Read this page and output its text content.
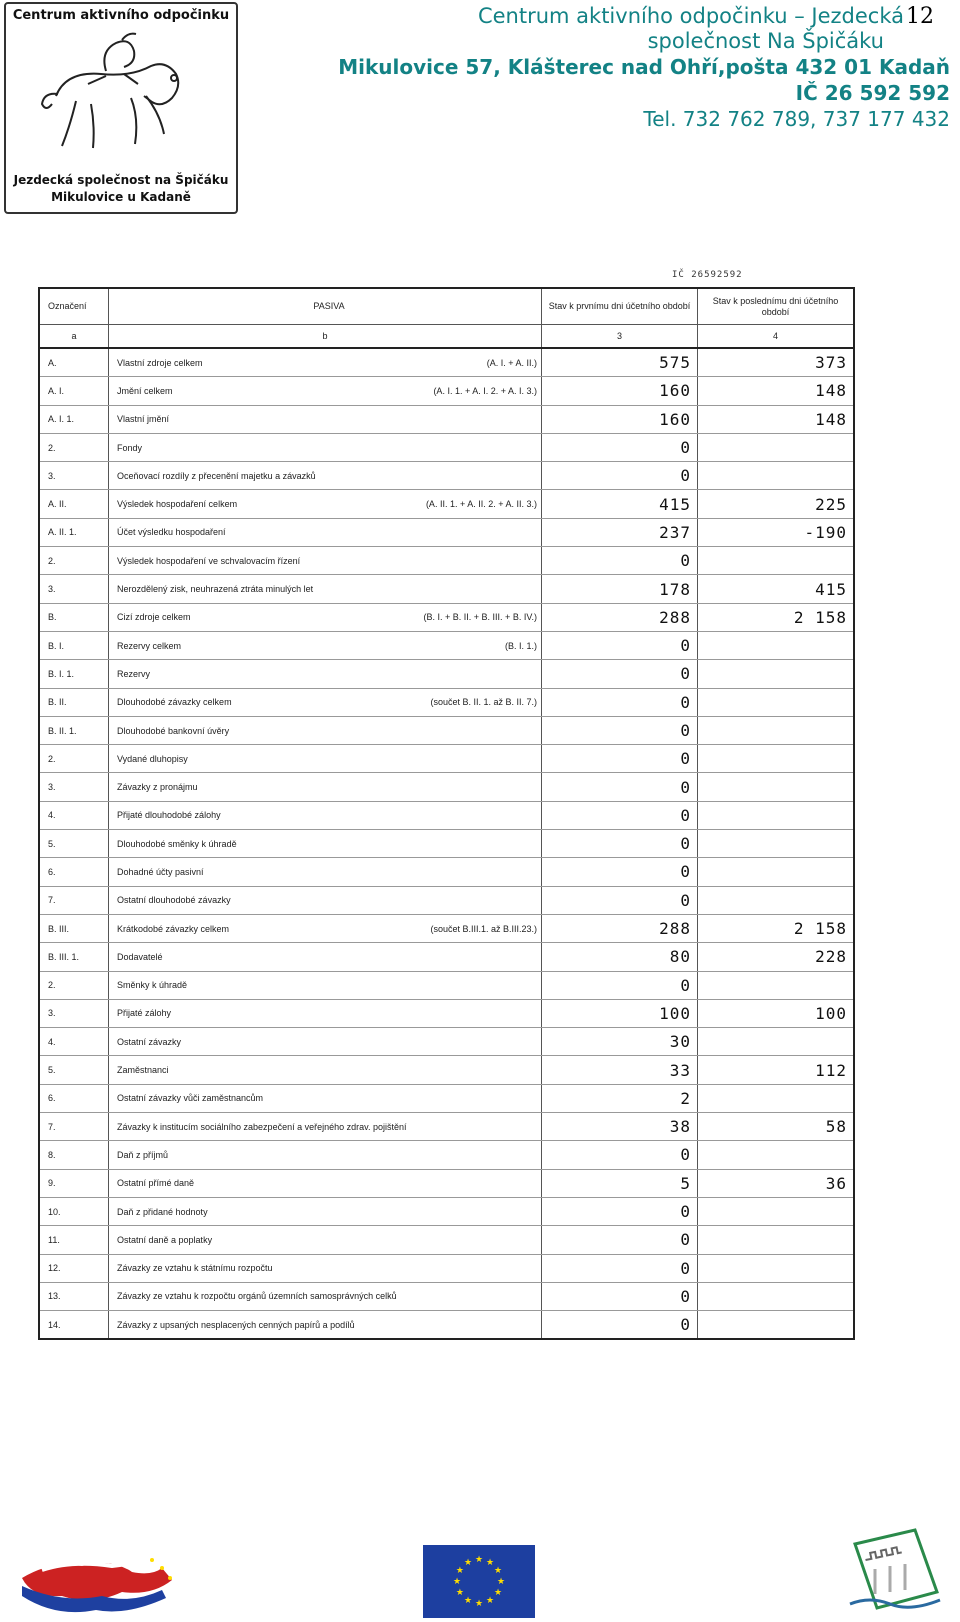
Centrum aktivního odpočinku
Jezdecká společnost na Špičáku
Mikulovice u Kadaně
12
Centrum aktivního odpočinku – Jezdecká
společnost Na Špičáku
Mikulovice 57, Klášterec nad Ohří,pošta 432 01 Kadaň
IČ 26 592 592
Tel. 732 762 789, 737 177 432
IČ 26592592
Označení	PASIVA	Stav k prvnímu dni účetního období	Stav k poslednímu dni účetního období
a	b	3	4
A.	Vlastní zdroje celkem (A. I. + A. II.)	575	373
A. I.	Jmění celkem (A. I. 1. + A. I. 2. + A. I. 3.)	160	148
A. I. 1.	Vlastní jmění	160	148
2.	Fondy	0	
3.	Oceňovací rozdíly z přecenění majetku a závazků	0	
A. II.	Výsledek hospodaření celkem (A. II. 1. + A. II. 2. + A. II. 3.)	415	225
A. II. 1.	Účet výsledku hospodaření	237	-190
2.	Výsledek hospodaření ve schvalovacím řízení	0	
3.	Nerozdělený zisk, neuhrazená ztráta minulých let	178	415
B.	Cizí zdroje celkem (B. I. + B. II. + B. III. + B. IV.)	288	2 158
B. I.	Rezervy celkem (B. I. 1.)	0	
B. I. 1.	Rezervy	0	
B. II.	Dlouhodobé závazky celkem (součet B. II. 1. až B. II. 7.)	0	
B. II. 1.	Dlouhodobé bankovní úvěry	0	
2.	Vydané dluhopisy	0	
3.	Závazky z pronájmu	0	
4.	Přijaté dlouhodobé zálohy	0	
5.	Dlouhodobé směnky k úhradě	0	
6.	Dohadné účty pasivní	0	
7.	Ostatní dlouhodobé závazky	0	
B. III.	Krátkodobé závazky celkem (součet B.III.1. až B.III.23.)	288	2 158
B. III. 1.	Dodavatelé	80	228
2.	Směnky k úhradě	0	
3.	Přijaté zálohy	100	100
4.	Ostatní závazky	30	
5.	Zaměstnanci	33	112
6.	Ostatní závazky vůči zaměstnancům	2	
7.	Závazky k institucím sociálního zabezpečení a veřejného zdrav. pojištění	38	58
8.	Daň z příjmů	0	
9.	Ostatní přímé daně	5	36
10.	Daň z přidané hodnoty	0	
11.	Ostatní daně a poplatky	0	
12.	Závazky ze vztahu k státnímu rozpočtu	0	
13.	Závazky ze vztahu k rozpočtu orgánů územních samosprávných celků	0	
14.	Závazky z upsaných nesplacených cenných papírů a podílů	0	
★
★
★
★
★
★
★
★
★ ★ ★
★
